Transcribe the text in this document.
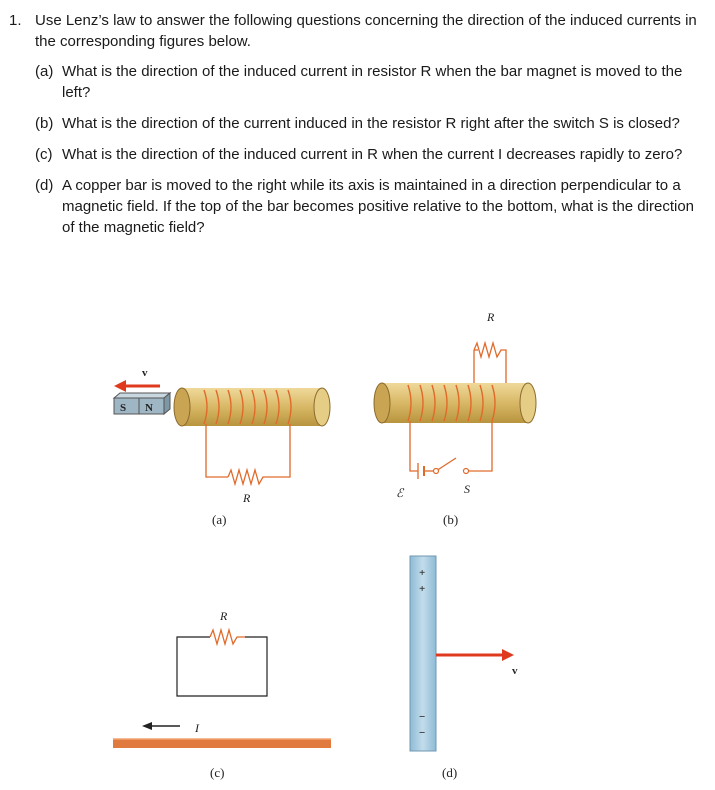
1. Use Lenz’s law to answer the following questions concerning the direction of the induced currents in the corresponding figures below.
(a) What is the direction of the induced current in resistor R when the bar magnet is moved to the left?
(b) What is the direction of the current induced in the resistor R right after the switch S is closed?
(c) What is the direction of the induced current in R when the current I decreases rapidly to zero?
(d) A copper bar is moved to the right while its axis is maintained in a direction perpendicular to a magnetic field. If the top of the bar becomes positive relative to the bottom, what is the direction of the magnetic field?
v
S N
R
(a)
R
ℰ	S
(b)
R
I
(c)
+
+
−
−
v
(d)
